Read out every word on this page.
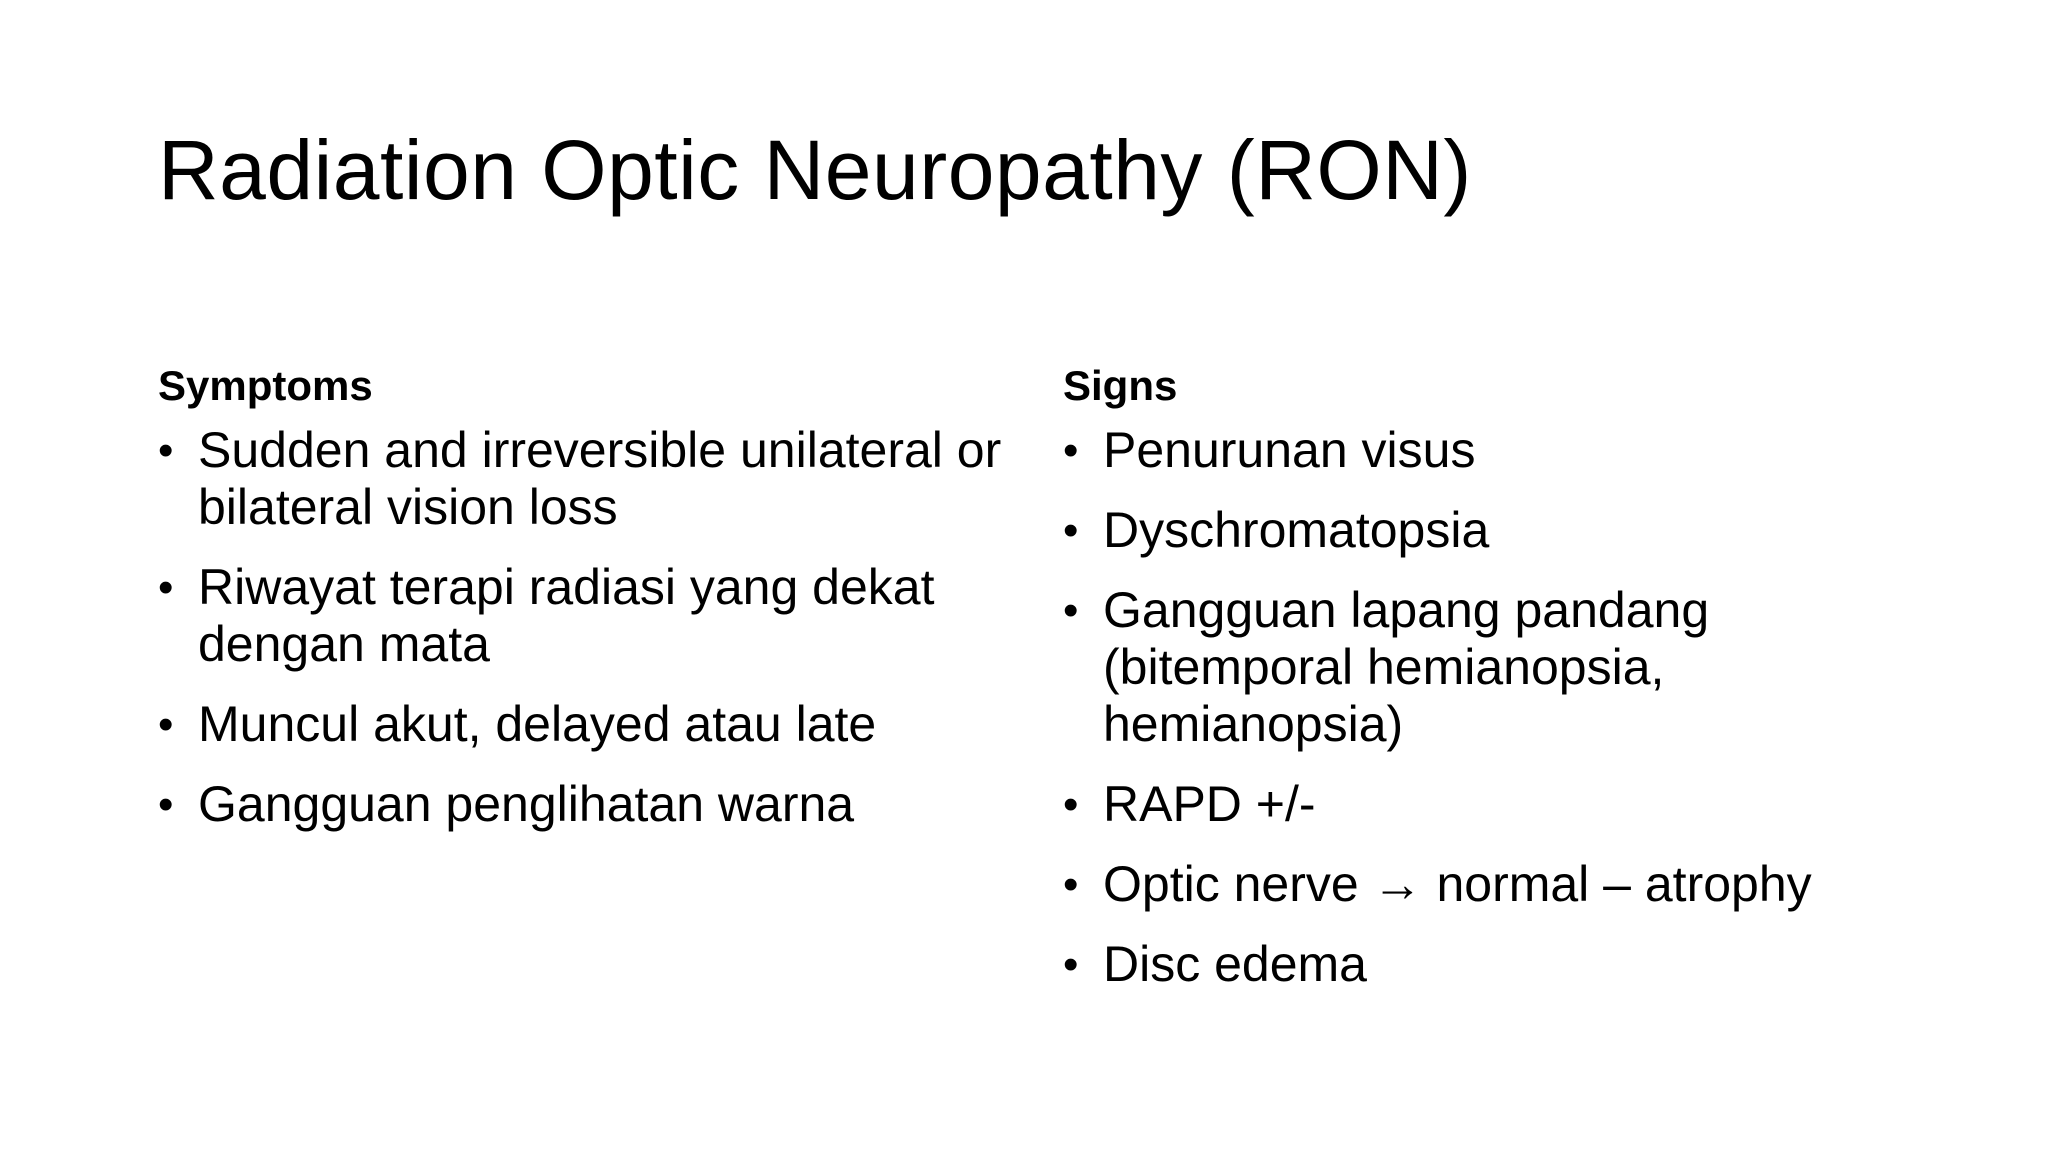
Radiation Optic Neuropathy (RON)
Symptoms
• Sudden and irreversible unilateral or bilateral vision loss
• Riwayat terapi radiasi yang dekat dengan mata
• Muncul akut, delayed atau late
• Gangguan penglihatan warna
Signs
• Penurunan visus
• Dyschromatopsia
• Gangguan lapang pandang (bitemporal hemianopsia, hemianopsia)
• RAPD +/-
• Optic nerve → normal – atrophy
• Disc edema
